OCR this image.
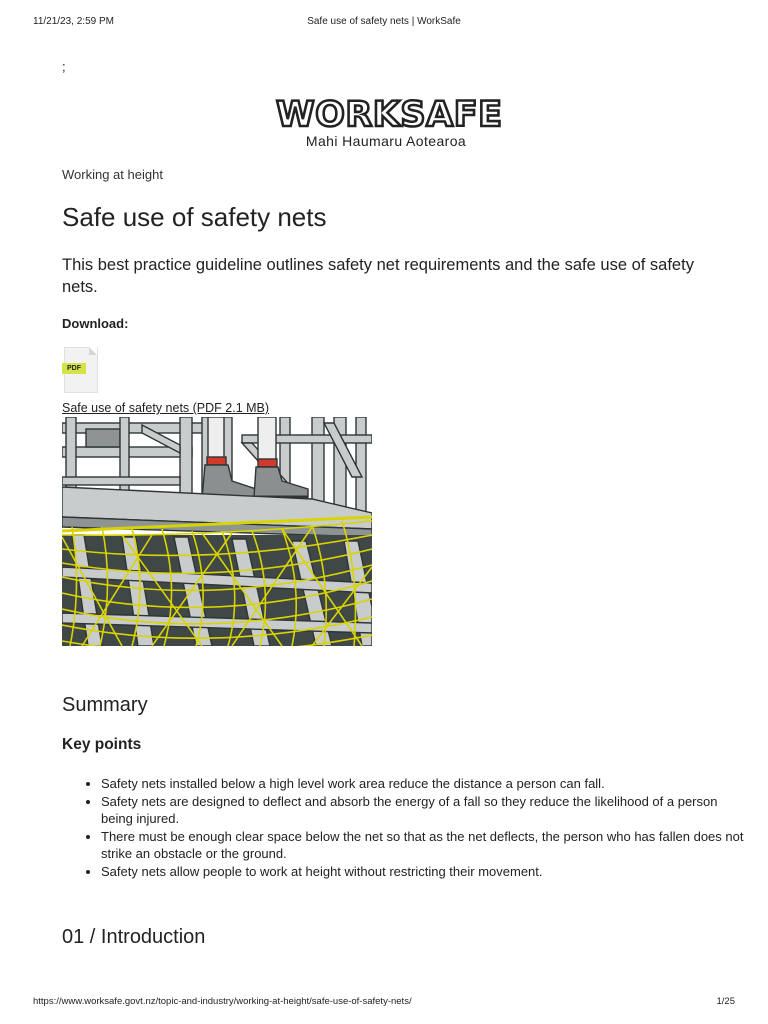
11/21/23, 2:59 PM	Safe use of safety nets | WorkSafe
;
WORKSAFE
Mahi Haumaru Aotearoa
Working at height
Safe use of safety nets

This best practice guideline outlines safety net requirements and the safe use of safety nets.

Download:
PDF
Safe use of safety nets (PDF 2.1 MB)
Summary
Key points
• Safety nets installed below a high level work area reduce the distance a person can fall.
• Safety nets are designed to deflect and absorb the energy of a fall so they reduce the likelihood of a person being injured.
• There must be enough clear space below the net so that as the net deflects, the person who has fallen does not strike an obstacle or the ground.
• Safety nets allow people to work at height without restricting their movement.
01 / Introduction
https://www.worksafe.govt.nz/topic-and-industry/working-at-height/safe-use-of-safety-nets/	1/25
